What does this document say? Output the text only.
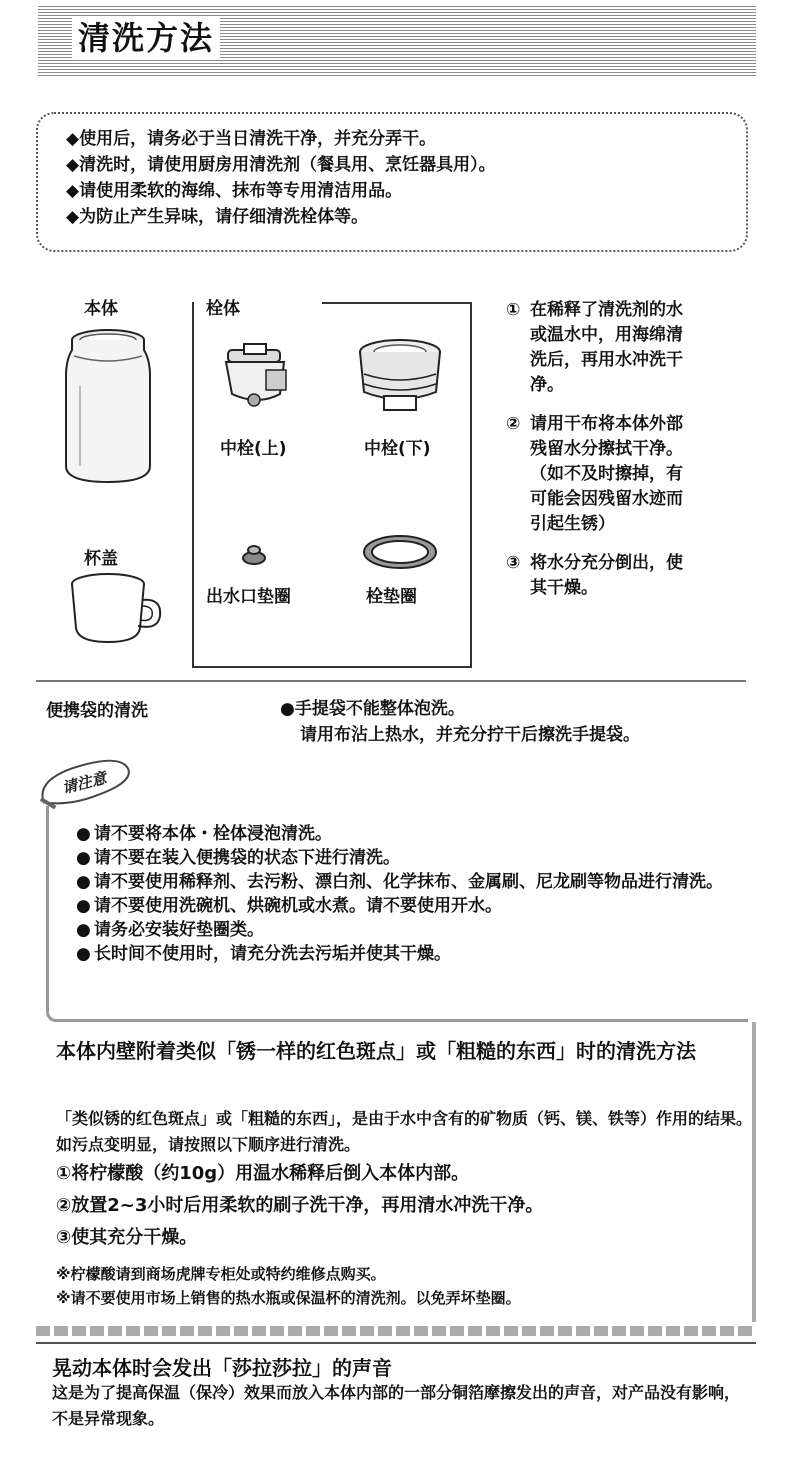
清洗方法
◆使用后，请务必于当日清洗干净，并充分弄干。
◆清洗时，请使用厨房用清洗剂（餐具用、烹饪器具用）。
◆请使用柔软的海绵、抹布等专用清洁用品。
◆为防止产生异味，请仔细清洗栓体等。
本体	栓体
杯盖
中栓(上)	中栓(下)
出水口垫圈	栓垫圈
① 在稀释了清洗剂的水
或温水中，用海绵清
洗后，再用水冲洗干
净。
② 请用干布将本体外部
残留水分擦拭干净。
（如不及时擦掉，有
可能会因残留水迹而
引起生锈）
③ 将水分充分倒出，使
其干燥。
便携袋的清洗	●手提袋不能整体泡洗。
请用布沾上热水，并充分拧干后擦洗手提袋。
请注意
● 请不要将本体・栓体浸泡清洗。
● 请不要在装入便携袋的状态下进行清洗。
● 请不要使用稀释剂、去污粉、漂白剂、化学抹布、金属刷、尼龙刷等物品进行清洗。
● 请不要使用洗碗机、烘碗机或水煮。请不要使用开水。
● 请务必安装好垫圈类。
● 长时间不使用时，请充分洗去污垢并使其干燥。
本体内壁附着类似「锈一样的红色斑点」或「粗糙的东西」时的清洗方法
「类似锈的红色斑点」或「粗糙的东西」，是由于水中含有的矿物质（钙、镁、铁等）作用的结果。如污点变明显，请按照以下顺序进行清洗。
①将柠檬酸（约10g）用温水稀释后倒入本体内部。
②放置2~3小时后用柔软的刷子洗干净，再用清水冲洗干净。
③使其充分干燥。
※柠檬酸请到商场虎牌专柜处或特约维修点购买。
※请不要使用市场上销售的热水瓶或保温杯的清洗剂。以免弄坏垫圈。
晃动本体时会发出「莎拉莎拉」的声音
这是为了提高保温（保冷）效果而放入本体内部的一部分铜箔摩擦发出的声音，对产品没有影响，不是异常现象。
